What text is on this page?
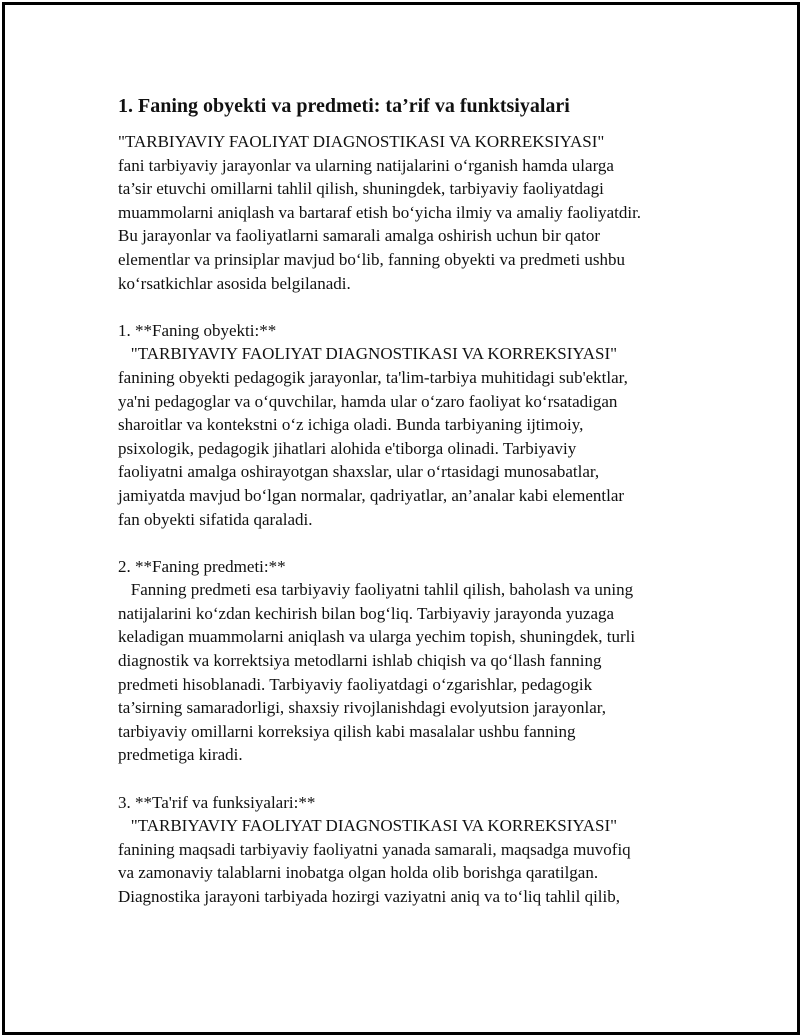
1. Faning obyekti va predmeti: ta’rif va funktsiyalari
"TARBIYAVIY FAOLIYAT DIAGNOSTIKASI VA KORREKSIYASI"
fani tarbiyaviy jarayonlar va ularning natijalarini o‘rganish hamda ularga
ta’sir etuvchi omillarni tahlil qilish, shuningdek, tarbiyaviy faoliyatdagi
muammolarni aniqlash va bartaraf etish bo‘yicha ilmiy va amaliy faoliyatdir.
Bu jarayonlar va faoliyatlarni samarali amalga oshirish uchun bir qator
elementlar va prinsiplar mavjud bo‘lib, fanning obyekti va predmeti ushbu
ko‘rsatkichlar asosida belgilanadi.
1. **Faning obyekti:**
"TARBIYAVIY FAOLIYAT DIAGNOSTIKASI VA KORREKSIYASI"
fanining obyekti pedagogik jarayonlar, ta'lim-tarbiya muhitidagi sub'ektlar,
ya'ni pedagoglar va o‘quvchilar, hamda ular o‘zaro faoliyat ko‘rsatadigan
sharoitlar va kontekstni o‘z ichiga oladi. Bunda tarbiyaning ijtimoiy,
psixologik, pedagogik jihatlari alohida e'tiborga olinadi. Tarbiyaviy
faoliyatni amalga oshirayotgan shaxslar, ular o‘rtasidagi munosabatlar,
jamiyatda mavjud bo‘lgan normalar, qadriyatlar, an’analar kabi elementlar
fan obyekti sifatida qaraladi.
2. **Faning predmeti:**
Fanning predmeti esa tarbiyaviy faoliyatni tahlil qilish, baholash va uning
natijalarini ko‘zdan kechirish bilan bog‘liq. Tarbiyaviy jarayonda yuzaga
keladigan muammolarni aniqlash va ularga yechim topish, shuningdek, turli
diagnostik va korrektsiya metodlarni ishlab chiqish va qo‘llash fanning
predmeti hisoblanadi. Tarbiyaviy faoliyatdagi o‘zgarishlar, pedagogik
ta’sirning samaradorligi, shaxsiy rivojlanishdagi evolyutsion jarayonlar,
tarbiyaviy omillarni korreksiya qilish kabi masalalar ushbu fanning
predmetiga kiradi.
3. **Ta'rif va funksiyalari:**
"TARBIYAVIY FAOLIYAT DIAGNOSTIKASI VA KORREKSIYASI"
fanining maqsadi tarbiyaviy faoliyatni yanada samarali, maqsadga muvofiq
va zamonaviy talablarni inobatga olgan holda olib borishga qaratilgan.
Diagnostika jarayoni tarbiyada hozirgi vaziyatni aniq va to‘liq tahlil qilib,
